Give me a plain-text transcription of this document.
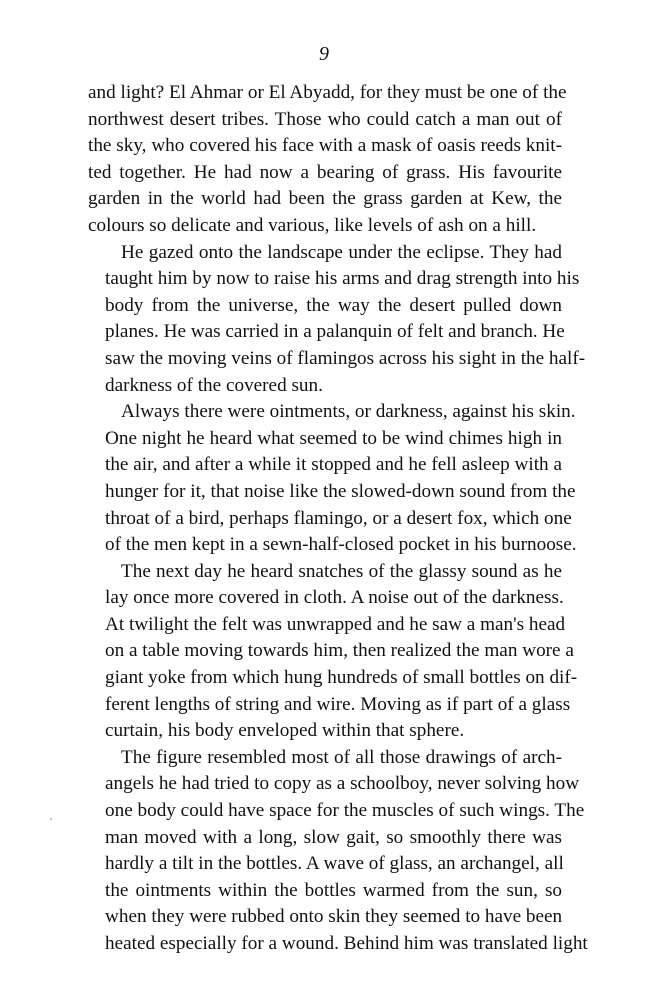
9
and light? El Ahmar or El Abyadd, for they must be one of the
northwest desert tribes. Those who could catch a man out of
the sky, who covered his face with a mask of oasis reeds knit-
ted together. He had now a bearing of grass. His favourite
garden in the world had been the grass garden at Kew, the
colours so delicate and various, like levels of ash on a hill.
He gazed onto the landscape under the eclipse. They had
taught him by now to raise his arms and drag strength into his
body from the universe, the way the desert pulled down
planes. He was carried in a palanquin of felt and branch. He
saw the moving veins of flamingos across his sight in the half-
darkness of the covered sun.
Always there were ointments, or darkness, against his skin.
One night he heard what seemed to be wind chimes high in
the air, and after a while it stopped and he fell asleep with a
hunger for it, that noise like the slowed-down sound from the
throat of a bird, perhaps flamingo, or a desert fox, which one
of the men kept in a sewn-half-closed pocket in his burnoose.
The next day he heard snatches of the glassy sound as he
lay once more covered in cloth. A noise out of the darkness.
At twilight the felt was unwrapped and he saw a man's head
on a table moving towards him, then realized the man wore a
giant yoke from which hung hundreds of small bottles on dif-
ferent lengths of string and wire. Moving as if part of a glass
curtain, his body enveloped within that sphere.
The figure resembled most of all those drawings of arch-
angels he had tried to copy as a schoolboy, never solving how
one body could have space for the muscles of such wings. The
man moved with a long, slow gait, so smoothly there was
hardly a tilt in the bottles. A wave of glass, an archangel, all
the ointments within the bottles warmed from the sun, so
when they were rubbed onto skin they seemed to have been
heated especially for a wound. Behind him was translated light
